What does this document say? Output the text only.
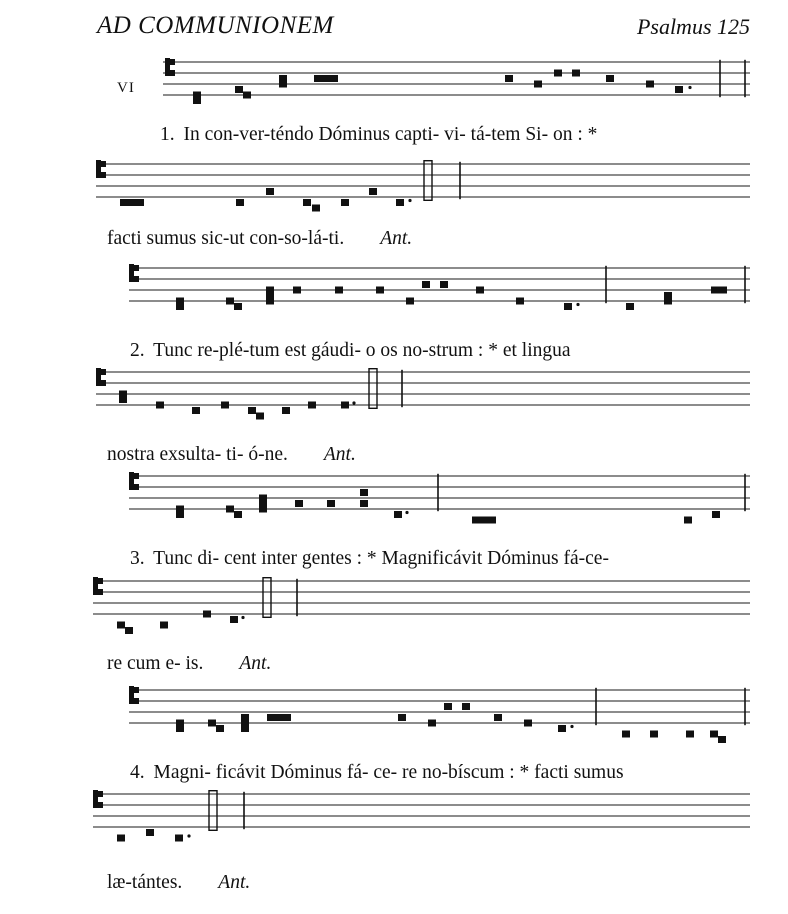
AD COMMUNIONEM	Psalmus 125
VI
1. In con-ver-téndo Dóminus capti- vi- tá-tem Si- on : *
facti sumus sic-ut con-so-lá-ti. Ant.
2. Tunc re-plé-tum est gáudi- o os no-strum : * et lingua
nostra exsulta- ti- ó-ne. Ant.
3. Tunc di- cent inter gentes : * Magnificávit Dóminus fá-ce-
re cum e- is. Ant.
4. Magni- ficávit Dóminus fá- ce- re no-bíscum : * facti sumus
læ-tántes. Ant.
